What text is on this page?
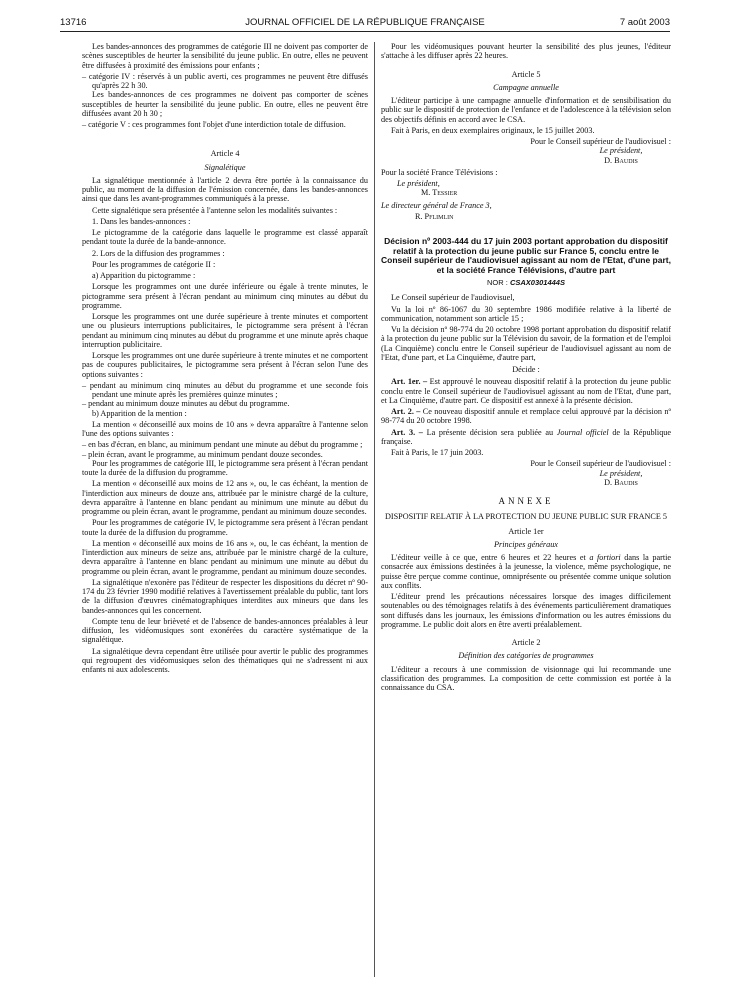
13716	JOURNAL OFFICIEL DE LA RÉPUBLIQUE FRANÇAISE	7 août 2003

Les bandes-annonces des programmes de catégorie III ne doivent pas comporter de scènes susceptibles de heurter la sensibilité du jeune public. En outre, elles ne peuvent être diffusées à proximité des émissions pour enfants ;

– catégorie IV : réservés à un public averti, ces programmes ne peuvent être diffusés qu'après 22 h 30.

Les bandes-annonces de ces programmes ne doivent pas comporter de scènes susceptibles de heurter la sensibilité du jeune public. En outre, elles ne peuvent être diffusées avant 20 h 30 ;

– catégorie V : ces programmes font l'objet d'une interdiction totale de diffusion.

Article 4

Signalétique

La signalétique mentionnée à l'article 2 devra être portée à la connaissance du public, au moment de la diffusion de l'émission concernée, dans les bandes-annonces ainsi que dans les avant-programmes communiqués à la presse.

Cette signalétique sera présentée à l'antenne selon les modalités suivantes :

1. Dans les bandes-annonces :

Le pictogramme de la catégorie dans laquelle le programme est classé apparaît pendant toute la durée de la bande-annonce.

2. Lors de la diffusion des programmes :

Pour les programmes de catégorie II :

a) Apparition du pictogramme :

Lorsque les programmes ont une durée inférieure ou égale à trente minutes, le pictogramme sera présent à l'écran pendant au minimum cinq minutes au début du programme.

Lorsque les programmes ont une durée supérieure à trente minutes et comportent une ou plusieurs interruptions publicitaires, le pictogramme sera présent à l'écran pendant au minimum cinq minutes au début du programme et une minute après chaque interruption publicitaire.

Lorsque les programmes ont une durée supérieure à trente minutes et ne comportent pas de coupures publicitaires, le pictogramme sera présent à l'écran selon l'une des options suivantes :

– pendant au minimum cinq minutes au début du programme et une seconde fois pendant une minute après les premières quinze minutes ;

– pendant au minimum douze minutes au début du programme.

b) Apparition de la mention :

La mention « déconseillé aux moins de 10 ans » devra apparaître à l'antenne selon l'une des options suivantes :

– en bas d'écran, en blanc, au minimum pendant une minute au début du programme ;

– plein écran, avant le programme, au minimum pendant douze secondes.

Pour les programmes de catégorie III, le pictogramme sera présent à l'écran pendant toute la durée de la diffusion du programme.

La mention « déconseillé aux moins de 12 ans », ou, le cas échéant, la mention de l'interdiction aux mineurs de douze ans, attribuée par le ministre chargé de la culture, devra apparaître à l'antenne en blanc pendant au minimum une minute au début du programme ou plein écran, avant le programme, pendant au minimum douze secondes.

Pour les programmes de catégorie IV, le pictogramme sera présent à l'écran pendant toute la durée de la diffusion du programme.

La mention « déconseillé aux moins de 16 ans », ou, le cas échéant, la mention de l'interdiction aux mineurs de seize ans, attribuée par le ministre chargé de la culture, devra apparaître à l'antenne en blanc pendant au minimum une minute au début du programme ou plein écran, avant le programme, pendant au minimum douze secondes.

La signalétique n'exonère pas l'éditeur de respecter les dispositions du décret nº 90-174 du 23 février 1990 modifié relatives à l'avertissement préalable du public, tant lors de la diffusion d'œuvres cinématographiques interdites aux mineurs que dans les bandes-annonces qui les concernent.

Compte tenu de leur brièveté et de l'absence de bandes-annonces préalables à leur diffusion, les vidéomusiques sont exonérées du caractère systématique de la signalétique.

La signalétique devra cependant être utilisée pour avertir le public des programmes qui regroupent des vidéomusiques selon des thématiques qui ne s'adressent ni aux enfants ni aux adolescents.

Pour les vidéomusiques pouvant heurter la sensibilité des plus jeunes, l'éditeur s'attache à les diffuser après 22 heures.

Article 5

Campagne annuelle

L'éditeur participe à une campagne annuelle d'information et de sensibilisation du public sur le dispositif de protection de l'enfance et de l'adolescence à la télévision selon des objectifs définis en accord avec le CSA.

Fait à Paris, en deux exemplaires originaux, le 15 juillet 2003.

Pour le Conseil supérieur de l'audiovisuel :

Le président,

D. Baudis

Pour la société France Télévisions :

Le président,

M. Tessier

Le directeur général de France 3,

R. Pflimlin

Décision nº 2003-444 du 17 juin 2003 portant approbation du dispositif relatif à la protection du jeune public sur France 5, conclu entre le Conseil supérieur de l'audiovisuel agissant au nom de l'Etat, d'une part, et la société France Télévisions, d'autre part

NOR : CSAX0301444S

Le Conseil supérieur de l'audiovisuel,

Vu la loi nº 86-1067 du 30 septembre 1986 modifiée relative à la liberté de communication, notamment son article 15 ;

Vu la décision nº 98-774 du 20 octobre 1998 portant approbation du dispositif relatif à la protection du jeune public sur la Télévision du savoir, de la formation et de l'emploi (La Cinquième) conclu entre le Conseil supérieur de l'audiovisuel agissant au nom de l'Etat, d'une part, et La Cinquième, d'autre part,

Décide :

Art. 1er. – Est approuvé le nouveau dispositif relatif à la protection du jeune public conclu entre le Conseil supérieur de l'audiovisuel agissant au nom de l'Etat, d'une part, et La Cinquième, d'autre part. Ce dispositif est annexé à la présente décision.

Art. 2. – Ce nouveau dispositif annule et remplace celui approuvé par la décision nº 98-774 du 20 octobre 1998.

Art. 3. – La présente décision sera publiée au Journal officiel de la République française.

Fait à Paris, le 17 juin 2003.

Pour le Conseil supérieur de l'audiovisuel :

Le président,

D. Baudis

ANNEXE

DISPOSITIF RELATIF À LA PROTECTION DU JEUNE PUBLIC SUR FRANCE 5

Article 1er

Principes généraux

L'éditeur veille à ce que, entre 6 heures et 22 heures et a fortiori dans la partie consacrée aux émissions destinées à la jeunesse, la violence, même psychologique, ne puisse être perçue comme continue, omniprésente ou présentée comme unique solution aux conflits.

L'éditeur prend les précautions nécessaires lorsque des images difficilement soutenables ou des témoignages relatifs à des événements particulièrement dramatiques sont diffusés dans les journaux, les émissions d'information ou les autres émissions du programme. Le public doit alors en être averti préalablement.

Article 2

Définition des catégories de programmes

L'éditeur a recours à une commission de visionnage qui lui recommande une classification des programmes. La composition de cette commission est portée à la connaissance du CSA.
